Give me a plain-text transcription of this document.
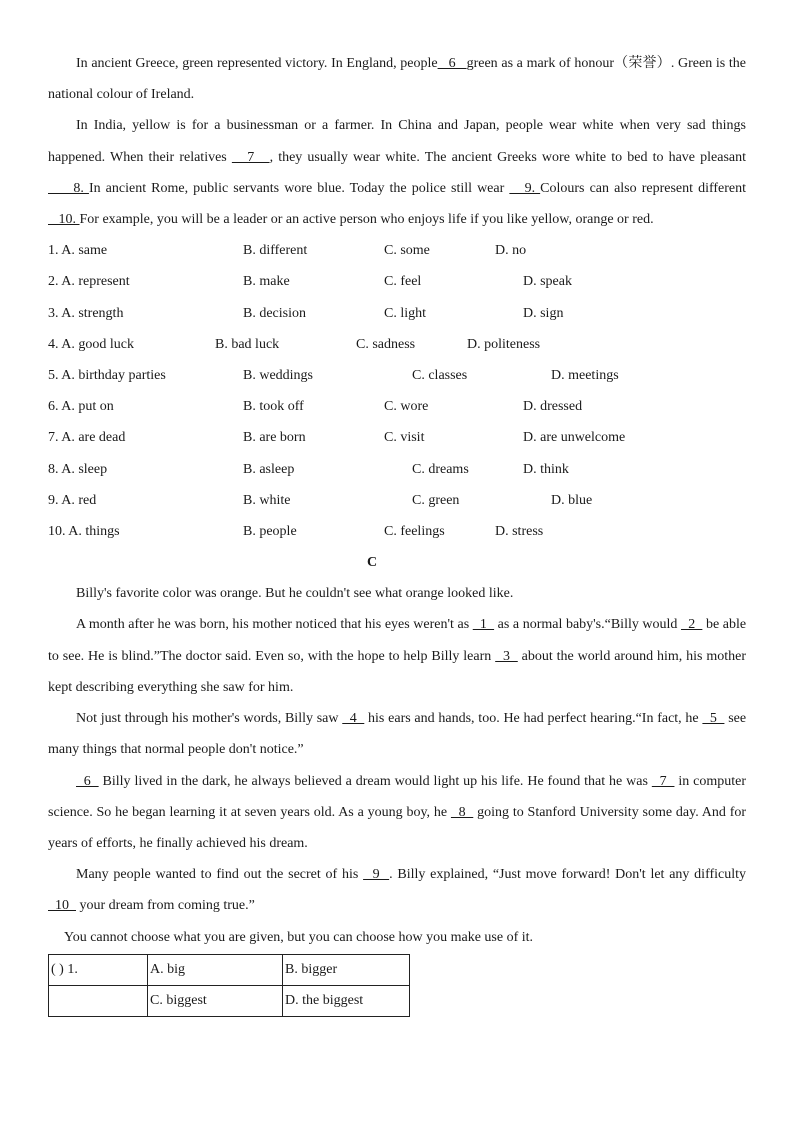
In ancient Greece, green represented victory. In England, people   6   green as a mark of honour（荣誉）. Green is the national colour of Ireland.

In India, yellow is for a businessman or a farmer. In China and Japan, people wear white when very sad things happened. When their relatives    7   , they usually wear white. The ancient Greeks wore white to bed to have pleasant      8. In ancient Rome, public servants wore blue. Today the police still wear    9. Colours can also represent different    10. For example, you will be a leader or an active person who enjoys life if you like yellow, orange or red.

1. A. same	B. different	C. some	D. no
2. A. represent	B. make	C. feel	D. speak
3. A. strength	B. decision	C. light	D. sign
4. A. good luck	B. bad luck	C. sadness	D. politeness
5. A. birthday parties	B. weddings	C. classes	D. meetings
6. A. put on	B. took off	C. wore	D. dressed
7. A. are dead	B. are born	C. visit	D. are unwelcome
8. A. sleep	B. asleep	C. dreams	D. think
9. A. red	B. white	C. green	D. blue
10. A. things	B. people	C. feelings	D. stress
C

Billy's favorite color was orange. But he couldn't see what orange looked like.

A month after he was born, his mother noticed that his eyes weren't as   1   as a normal baby's.“Billy would   2   be able to see. He is blind.”The doctor said. Even so, with the hope to help Billy learn   3   about the world around him, his mother kept describing everything she saw for him.

Not just through his mother's words, Billy saw   4   his ears and hands, too. He had perfect hearing.“In fact, he   5   see many things that normal people don't notice.”

6   Billy lived in the dark, he always believed a dream would light up his life. He found that he was   7   in computer science. So he began learning it at seven years old. As a young boy, he   8   going to Stanford University some day. And for years of efforts, he finally achieved his dream.

Many people wanted to find out the secret of his   9  . Billy explained, “Just move forward! Don't let any difficulty   10   your dream from coming true.”

You cannot choose what you are given, but you can choose how you make use of it.

( ) 1.	A. big	B. bigger
	C. biggest	D. the biggest
